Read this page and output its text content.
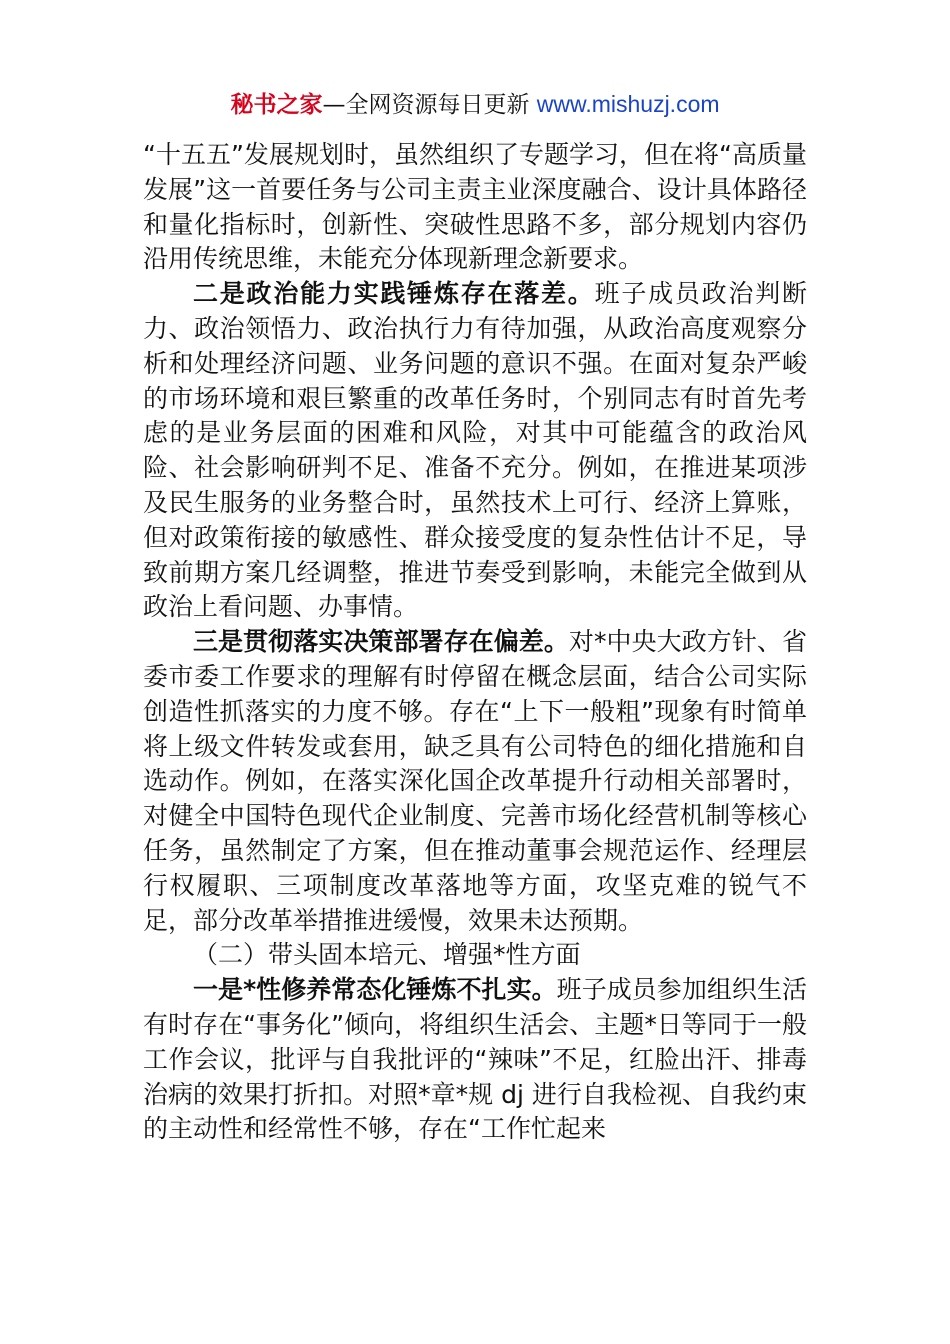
秘书之家—全网资源每日更新 www.mishuzj.com

“十五五”发展规划时，虽然组织了专题学习，但在将“高质量发展”这一首要任务与公司主责主业深度融合、设计具体路径和量化指标时，创新性、突破性思路不多，部分规划内容仍沿用传统思维，未能充分体现新理念新要求。

二是政治能力实践锤炼存在落差。班子成员政治判断力、政治领悟力、政治执行力有待加强，从政治高度观察分析和处理经济问题、业务问题的意识不强。在面对复杂严峻的市场环境和艰巨繁重的改革任务时，个别同志有时首先考虑的是业务层面的困难和风险，对其中可能蕴含的政治风险、社会影响研判不足、准备不充分。例如，在推进某项涉及民生服务的业务整合时，虽然技术上可行、经济上算账，但对政策衔接的敏感性、群众接受度的复杂性估计不足，导致前期方案几经调整，推进节奏受到影响，未能完全做到从政治上看问题、办事情。

三是贯彻落实决策部署存在偏差。对*中央大政方针、省委市委工作要求的理解有时停留在概念层面，结合公司实际创造性抓落实的力度不够。存在“上下一般粗”现象有时简单将上级文件转发或套用，缺乏具有公司特色的细化措施和自选动作。例如，在落实深化国企改革提升行动相关部署时，对健全中国特色现代企业制度、完善市场化经营机制等核心任务，虽然制定了方案，但在推动董事会规范运作、经理层行权履职、三项制度改革落地等方面，攻坚克难的锐气不足，部分改革举措推进缓慢，效果未达预期。

（二）带头固本培元、增强*性方面

一是*性修养常态化锤炼不扎实。班子成员参加组织生活有时存在“事务化”倾向，将组织生活会、主题*日等同于一般工作会议，批评与自我批评的“辣味”不足，红脸出汗、排毒治病的效果打折扣。对照*章*规 dj 进行自我检视、自我约束的主动性和经常性不够，存在“工作忙起来
